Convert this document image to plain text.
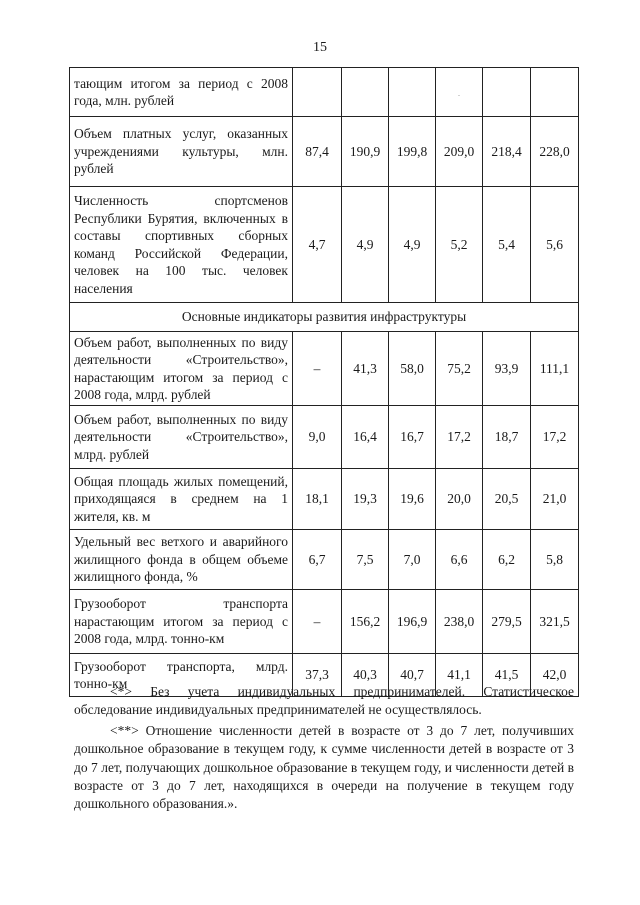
15
тающим итогом за период с 2008 года, млн. рублей				.		
Объем платных услуг, оказанных учреждениями культуры, млн. рублей	87,4	190,9	199,8	209,0	218,4	228,0
Численность спортсменов Республики Бурятия, включенных в составы спортивных сборных команд Российской Федерации, человек на 100 тыс. человек населения	4,7	4,9	4,9	5,2	5,4	5,6
Основные индикаторы развития инфраструктуры						
Объем работ, выполненных по виду деятельности «Строительство», нарастающим итогом за период с 2008 года, млрд. рублей	–	41,3	58,0	75,2	93,9	111,1
Объем работ, выполненных по виду деятельности «Строительство», млрд. рублей	9,0	16,4	16,7	17,2	18,7	17,2
Общая площадь жилых помещений, приходящаяся в среднем на 1 жителя, кв. м	18,1	19,3	19,6	20,0	20,5	21,0
Удельный вес ветхого и аварийного жилищного фонда в общем объеме жилищного фонда, %	6,7	7,5	7,0	6,6	6,2	5,8
Грузооборот транспорта нарастающим итогом за период с 2008 года, млрд. тонно-км	–	156,2	196,9	238,0	279,5	321,5
Грузооборот транспорта, млрд. тонно-км	37,3	40,3	40,7	41,1	41,5	42,0

<*> Без учета индивидуальных предпринимателей. Статистическое обследование индивидуальных предпринимателей не осуществлялось.

<**> Отношение численности детей в возрасте от 3 до 7 лет, получивших дошкольное образование в текущем году, к сумме численности детей в возрасте от 3 до 7 лет, получающих дошкольное образование в текущем году, и численности детей в возрасте от 3 до 7 лет, находящихся в очереди на получение в текущем году дошкольного образования.».
